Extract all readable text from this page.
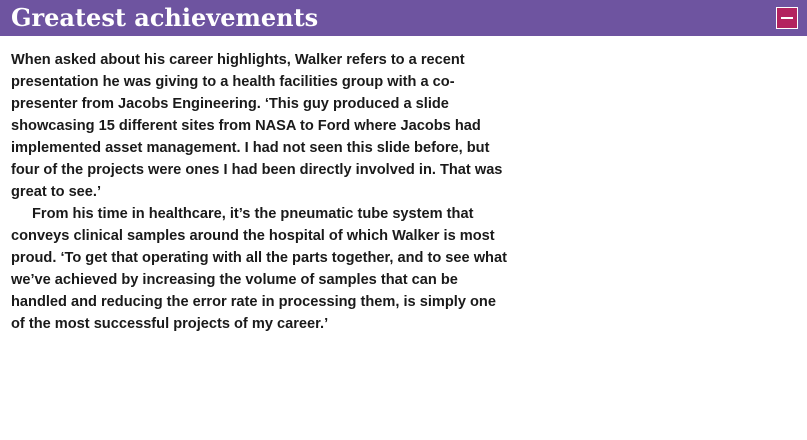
Greatest achievements

When asked about his career highlights, Walker refers to a recent presentation he was giving to a health facilities group with a co-presenter from Jacobs Engineering. ‘This guy produced a slide showcasing 15 different sites from NASA to Ford where Jacobs had implemented asset management. I had not seen this slide before, but four of the projects were ones I had been directly involved in. That was great to see.’

From his time in healthcare, it’s the pneumatic tube system that conveys clinical samples around the hospital of which Walker is most proud. ‘To get that operating with all the parts together, and to see what we’ve achieved by increasing the volume of samples that can be handled and reducing the error rate in processing them, is simply one of the most successful projects of my career.’
